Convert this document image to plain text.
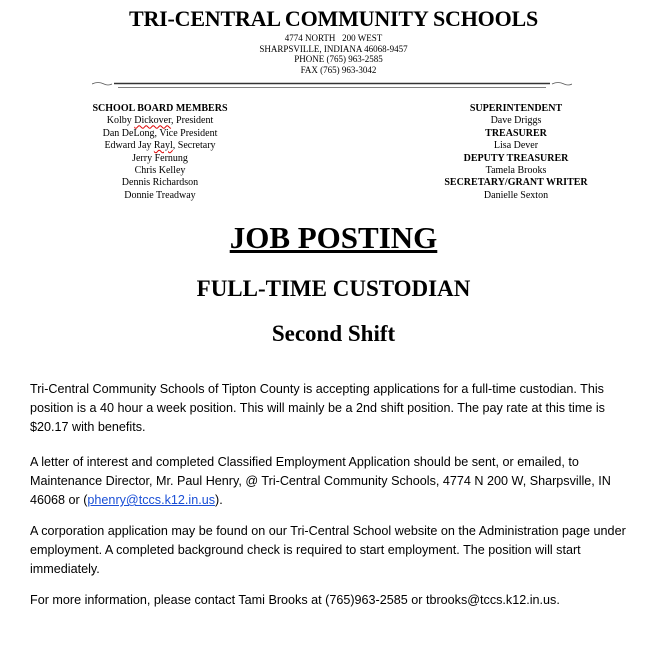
TRI-CENTRAL COMMUNITY SCHOOLS
4774 NORTH   200 WEST
SHARPSVILLE, INDIANA 46068-9457
PHONE (765) 963-2585
FAX (765) 963-3042
SCHOOL BOARD MEMBERS
Kolby Dickover, President
Dan DeLong, Vice President
Edward Jay Rayl, Secretary
Jerry Fernung
Chris Kelley
Dennis Richardson
Donnie Treadway
SUPERINTENDENT
Dave Driggs
TREASURER
Lisa Dever
DEPUTY TREASURER
Tamela Brooks
SECRETARY/GRANT WRITER
Danielle Sexton
JOB POSTING
FULL-TIME CUSTODIAN
Second Shift
Tri-Central Community Schools of Tipton County is accepting applications for a full-time custodian. This position is a 40 hour a week position. This will mainly be a 2nd shift position. The pay rate at this time is $20.17 with benefits.
A letter of interest and completed Classified Employment Application should be sent, or emailed, to Maintenance Director, Mr. Paul Henry, @ Tri-Central Community Schools, 4774 N 200 W, Sharpsville, IN 46068 or (phenry@tccs.k12.in.us).
A corporation application may be found on our Tri-Central School website on the Administration page under employment. A completed background check is required to start employment. The position will start immediately.
For more information, please contact Tami Brooks at (765)963-2585 or tbrooks@tccs.k12.in.us.
